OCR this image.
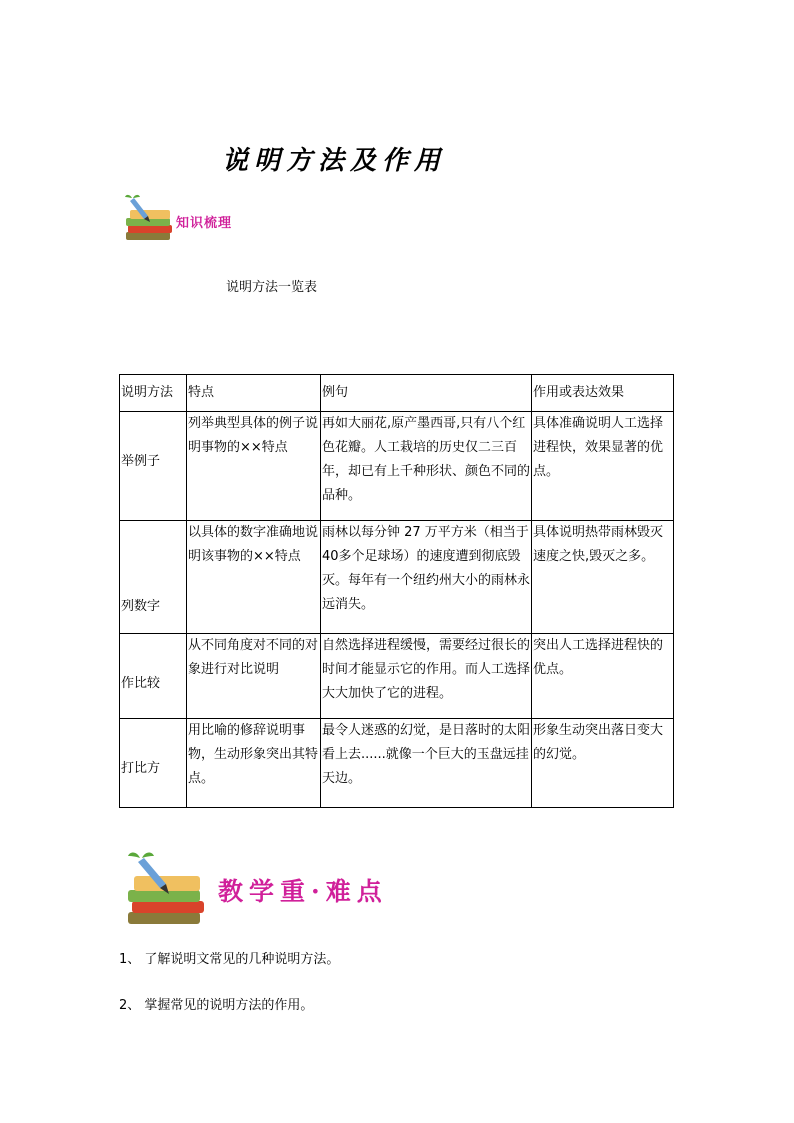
说明方法及作用
知识梳理
说明方法一览表
说明方法	特点	例句	作用或表达效果

举例子	列举典型具体的例子说明事物的××特点	再如大丽花,原产墨西哥,只有八个红色花瓣。人工栽培的历史仅二三百年，却已有上千种形状、颜色不同的品种。	具体准确说明人工选择进程快，效果显著的优点。

列数字	以具体的数字准确地说明该事物的××特点	雨林以每分钟 27 万平方米（相当于 40多个足球场）的速度遭到彻底毁灭。每年有一个纽约州大小的雨林永远消失。	具体说明热带雨林毁灭速度之快,毁灭之多。

作比较	从不同角度对不同的对象进行对比说明	自然选择进程缓慢，需要经过很长的时间才能显示它的作用。而人工选择大大加快了它的进程。	突出人工选择进程快的优点。

打比方	用比喻的修辞说明事物，生动形象突出其特点。	最令人迷惑的幻觉，是日落时的太阳看上去......就像一个巨大的玉盘远挂天边。	形象生动突出落日变大的幻觉。
教学重·难点
1、 了解说明文常见的几种说明方法。
2、 掌握常见的说明方法的作用。
